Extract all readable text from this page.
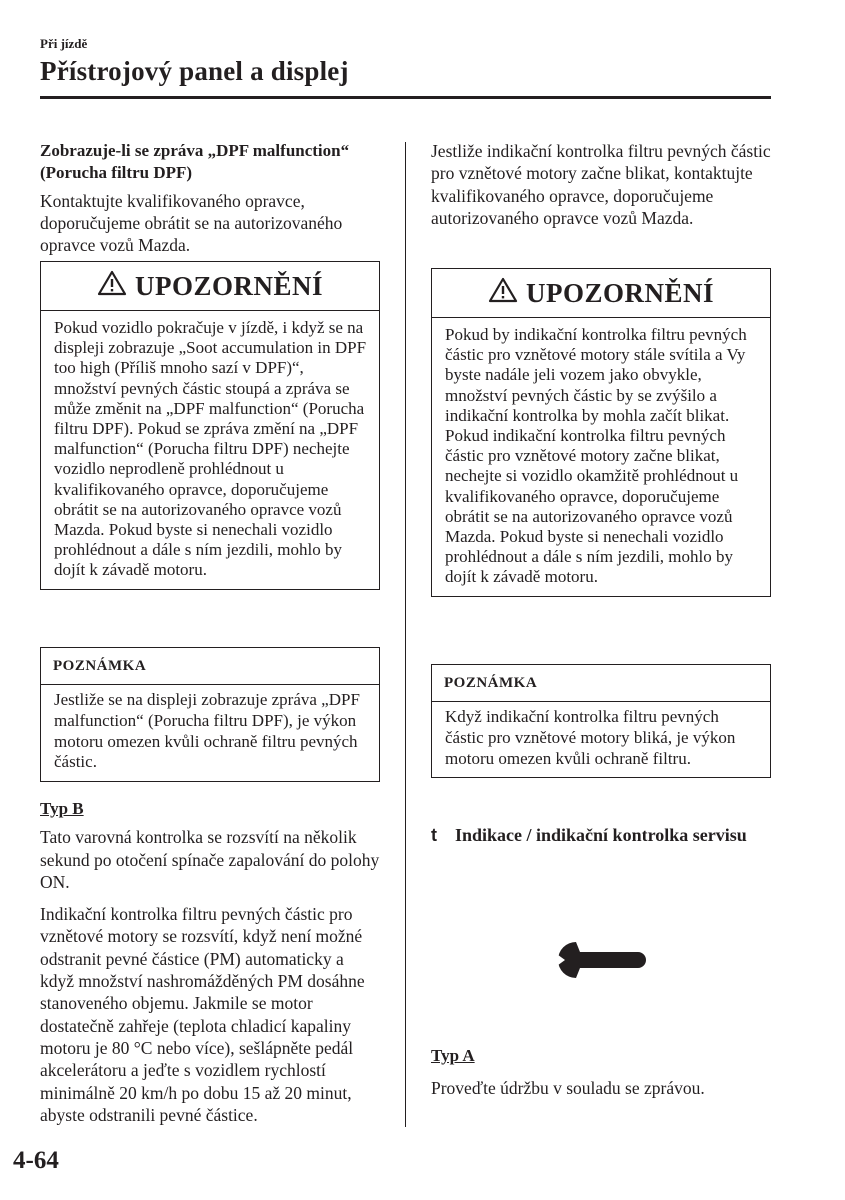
Při jízdě
Přístrojový panel a displej

Zobrazuje-li se zpráva „DPF malfunction“ (Porucha filtru DPF)

Kontaktujte kvalifikovaného opravce, doporučujeme obrátit se na autorizovaného opravce vozů Mazda.

UPOZORNĚNÍ
Pokud vozidlo pokračuje v jízdě, i když se na displeji zobrazuje „Soot accumulation in DPF too high (Příliš mnoho sazí v DPF)“, množství pevných částic stoupá a zpráva se může změnit na „DPF malfunction“ (Porucha filtru DPF). Pokud se zpráva změní na „DPF malfunction“ (Porucha filtru DPF) nechejte vozidlo neprodleně prohlédnout u kvalifikovaného opravce, doporučujeme obrátit se na autorizovaného opravce vozů Mazda. Pokud byste si nenechali vozidlo prohlédnout a dále s ním jezdili, mohlo by dojít k závadě motoru.
POZNÁMKA
Jestliže se na displeji zobrazuje zpráva „DPF malfunction“ (Porucha filtru DPF), je výkon motoru omezen kvůli ochraně filtru pevných částic.

Typ B

Tato varovná kontrolka se rozsvítí na několik sekund po otočení spínače zapalování do polohy ON.

Indikační kontrolka filtru pevných částic pro vznětové motory se rozsvítí, když není možné odstranit pevné částice (PM) automaticky a když množství nashromážděných PM dosáhne stanoveného objemu. Jakmile se motor dostatečně zahřeje (teplota chladicí kapaliny motoru je 80 °C nebo více), sešlápněte pedál akcelerátoru a jeďte s vozidlem rychlostí minimálně 20 km/h po dobu 15 až 20 minut, abyste odstranili pevné částice.

Jestliže indikační kontrolka filtru pevných částic pro vznětové motory začne blikat, kontaktujte kvalifikovaného opravce, doporučujeme autorizovaného opravce vozů Mazda.

UPOZORNĚNÍ
Pokud by indikační kontrolka filtru pevných částic pro vznětové motory stále svítila a Vy byste nadále jeli vozem jako obvykle, množství pevných částic by se zvýšilo a indikační kontrolka by mohla začít blikat. Pokud indikační kontrolka filtru pevných částic pro vznětové motory začne blikat, nechejte si vozidlo okamžitě prohlédnout u kvalifikovaného opravce, doporučujeme obrátit se na autorizovaného opravce vozů Mazda. Pokud byste si nenechali vozidlo prohlédnout a dále s ním jezdili, mohlo by dojít k závadě motoru.
POZNÁMKA
Když indikační kontrolka filtru pevných částic pro vznětové motory bliká, je výkon motoru omezen kvůli ochraně filtru.
t	Indikace / indikační kontrolka servisu

Typ A

Proveďte údržbu v souladu se zprávou.

4-64
